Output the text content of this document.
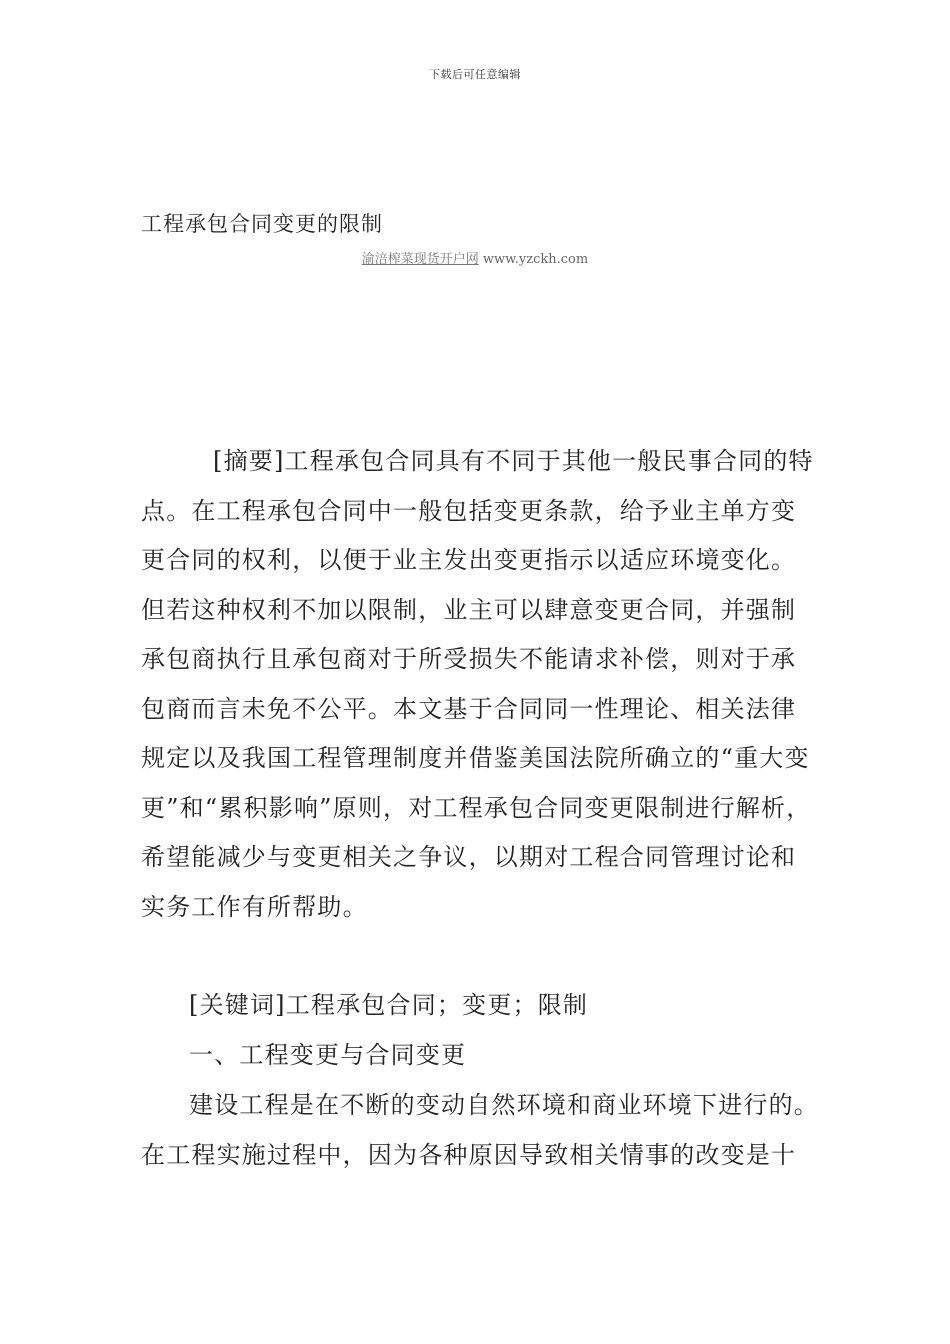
下载后可任意编辑
工程承包合同变更的限制
渝涪榨菜现货开户网 www.yzckh.com

[摘要]工程承包合同具有不同于其他一般民事合同的特点。在工程承包合同中一般包括变更条款，给予业主单方变更合同的权利，以便于业主发出变更指示以适应环境变化。但若这种权利不加以限制，业主可以肆意变更合同，并强制承包商执行且承包商对于所受损失不能请求补偿，则对于承包商而言未免不公平。本文基于合同同一性理论、相关法律规定以及我国工程管理制度并借鉴美国法院所确立的“重大变更”和“累积影响”原则，对工程承包合同变更限制进行解析，希望能减少与变更相关之争议，以期对工程合同管理讨论和实务工作有所帮助。

[关键词]工程承包合同；变更；限制

一、工程变更与合同变更

建设工程是在不断的变动自然环境和商业环境下进行的。在工程实施过程中，因为各种原因导致相关情事的改变是十
